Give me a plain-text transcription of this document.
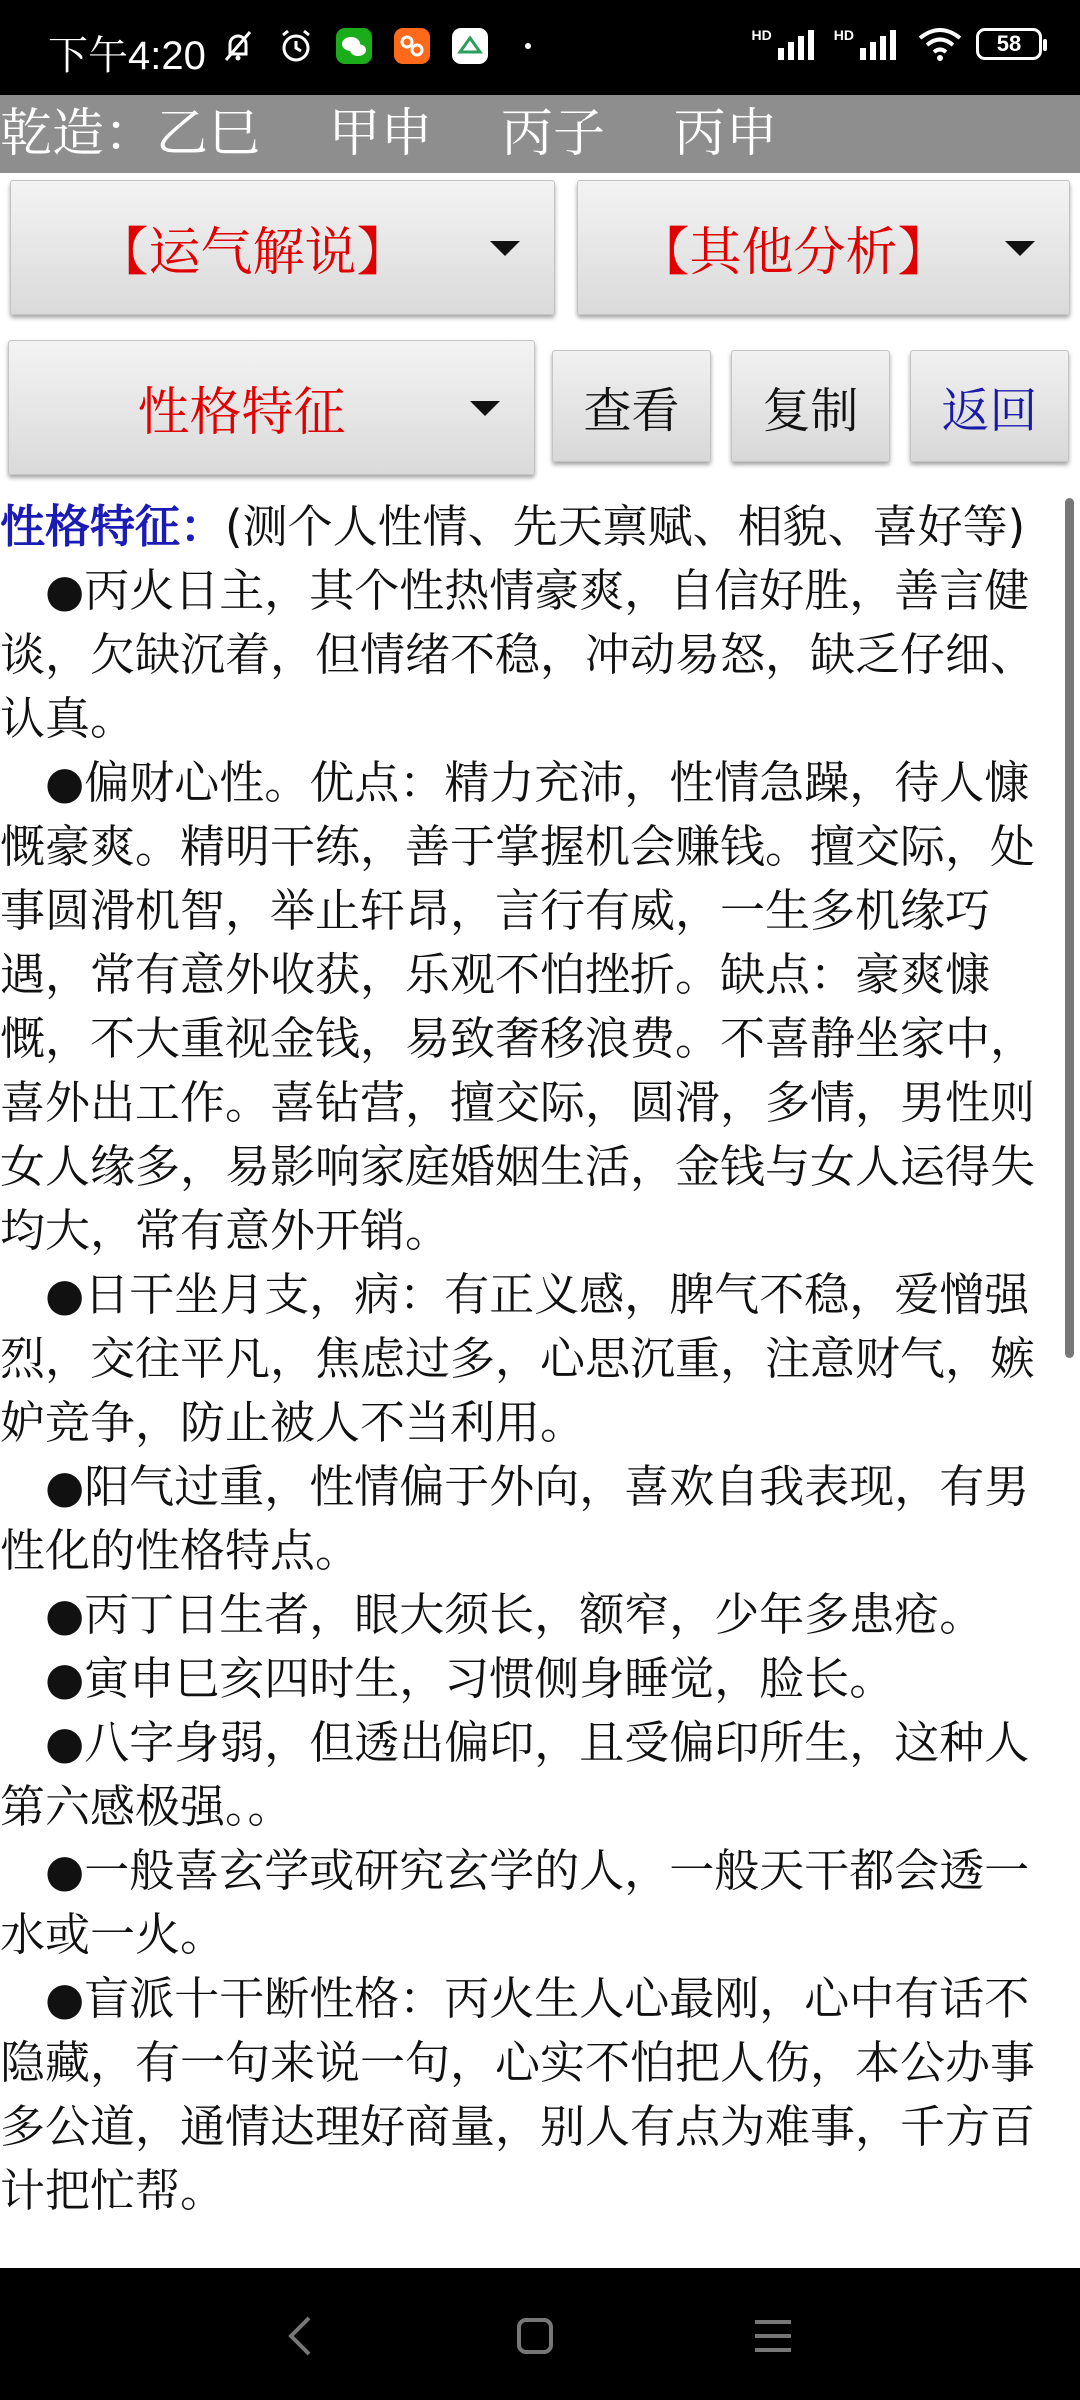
下午4:20	HD	HD	58
乾造：乙巳　 甲申　 丙子　 丙申
【运气解说】	【其他分析】
性格特征	查看	复制	返回

性格特征：(测个人性情、先天禀赋、相貌、喜好等)

●丙火日主，其个性热情豪爽，自信好胜，善言健谈，欠缺沉着，但情绪不稳，冲动易怒，缺乏仔细、认真。

●偏财心性。优点：精力充沛，性情急躁，待人慷慨豪爽。精明干练，善于掌握机会赚钱。擅交际，处事圆滑机智，举止轩昂，言行有威，一生多机缘巧遇，常有意外收获，乐观不怕挫折。缺点：豪爽慷慨，不大重视金钱，易致奢移浪费。不喜静坐家中，喜外出工作。喜钻营，擅交际，圆滑，多情，男性则女人缘多，易影响家庭婚姻生活，金钱与女人运得失均大，常有意外开销。

●日干坐月支，病：有正义感，脾气不稳，爱憎强烈，交往平凡，焦虑过多，心思沉重，注意财气，嫉妒竞争，防止被人不当利用。

●阳气过重，性情偏于外向，喜欢自我表现，有男性化的性格特点。

●丙丁日生者，眼大须长，额窄，少年多患疮。

●寅申巳亥四时生，习惯侧身睡觉，脸长。

●八字身弱，但透出偏印，且受偏印所生，这种人第六感极强。。

●一般喜玄学或研究玄学的人，一般天干都会透一水或一火。

●盲派十干断性格：丙火生人心最刚，心中有话不隐藏，有一句来说一句，心实不怕把人伤，本公办事多公道，通情达理好商量，别人有点为难事，千方百计把忙帮。
